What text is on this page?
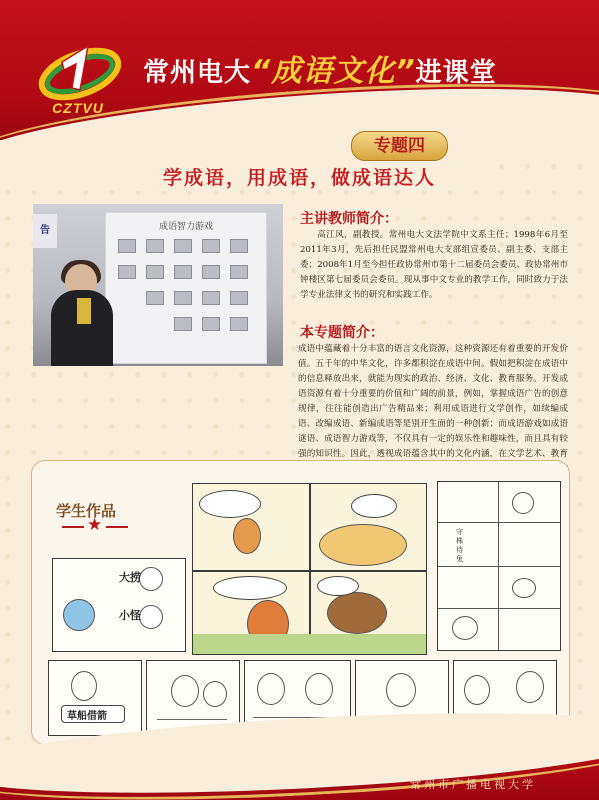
CZTVU
常州电大“成语文化”进课堂
专题四
学成语，用成语，做成语达人
告	成语智力游戏	主讲教师简介：

高江风，副教授。常州电大文法学院中文系主任；1998年6月至2011年3月，先后担任民盟常州电大支部组宣委员、副主委、支部主委；2008年1月至今担任政协常州市第十二届委员会委员、政协常州市钟楼区第七届委员会委员。现从事中文专业的教学工作，同时致力于法学专业法律文书的研究和实践工作。

本专题简介：

成语中蕴藏着十分丰富的语言文化资源，这种资源还有着重要的开发价值。五千年的中华文化，许多都积淀在成语中间。假如把积淀在成语中的信息释放出来，就能为现实的政治、经济、文化、教育服务。开发成语资源有着十分重要的价值和广阔的前景，例如，掌握成语广告的创意规律，往往能创造出广告精品来；利用成语进行文学创作，如续编成语、改编成语、新编成语等是别开生面的一种创新；而成语游戏如成语谜语、成语智力游戏等，不仅具有一定的娱乐性和趣味性，而且具有较强的知识性。因此，透视成语蕴含其中的文化内涵，在文学艺术、教育

学生作品
★
大捞
小怪
守株待兔
草船借箭
常州市广播电视大学
